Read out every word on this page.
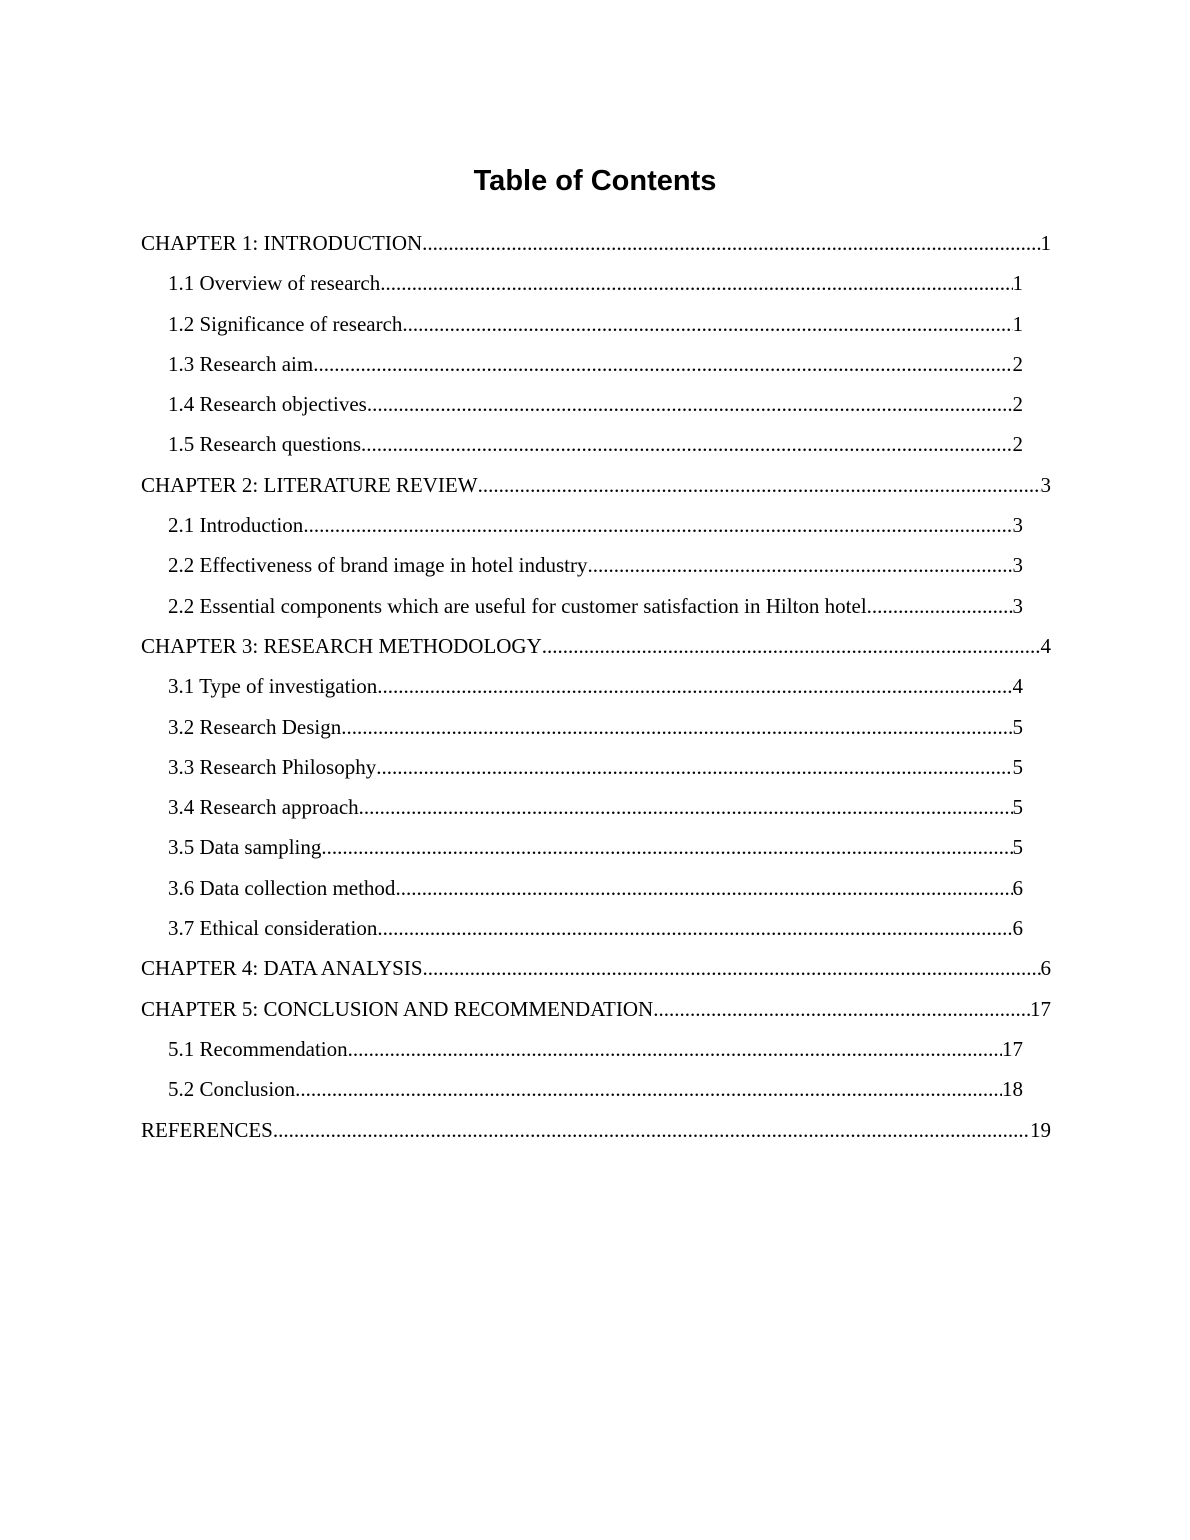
Table of Contents
CHAPTER 1: INTRODUCTION .....	1
1.1 Overview of research .....	1
1.2 Significance of research .....	1
1.3 Research aim .....	2
1.4 Research objectives .....	2
1.5 Research questions .....	2
CHAPTER 2: LITERATURE REVIEW .....	3
2.1 Introduction .....	3
2.2 Effectiveness of brand image in hotel industry .....	3
2.2 Essential components which are useful for customer satisfaction in Hilton hotel .....	3
CHAPTER 3: RESEARCH METHODOLOGY .....	4
3.1 Type of investigation .....	4
3.2 Research Design .....	5
3.3 Research Philosophy .....	5
3.4 Research approach .....	5
3.5 Data sampling .....	5
3.6 Data collection method .....	6
3.7 Ethical consideration .....	6
CHAPTER 4: DATA ANALYSIS .....	6
CHAPTER 5: CONCLUSION AND RECOMMENDATION .....	17
5.1 Recommendation .....	17
5.2 Conclusion .....	18
REFERENCES .....	19
